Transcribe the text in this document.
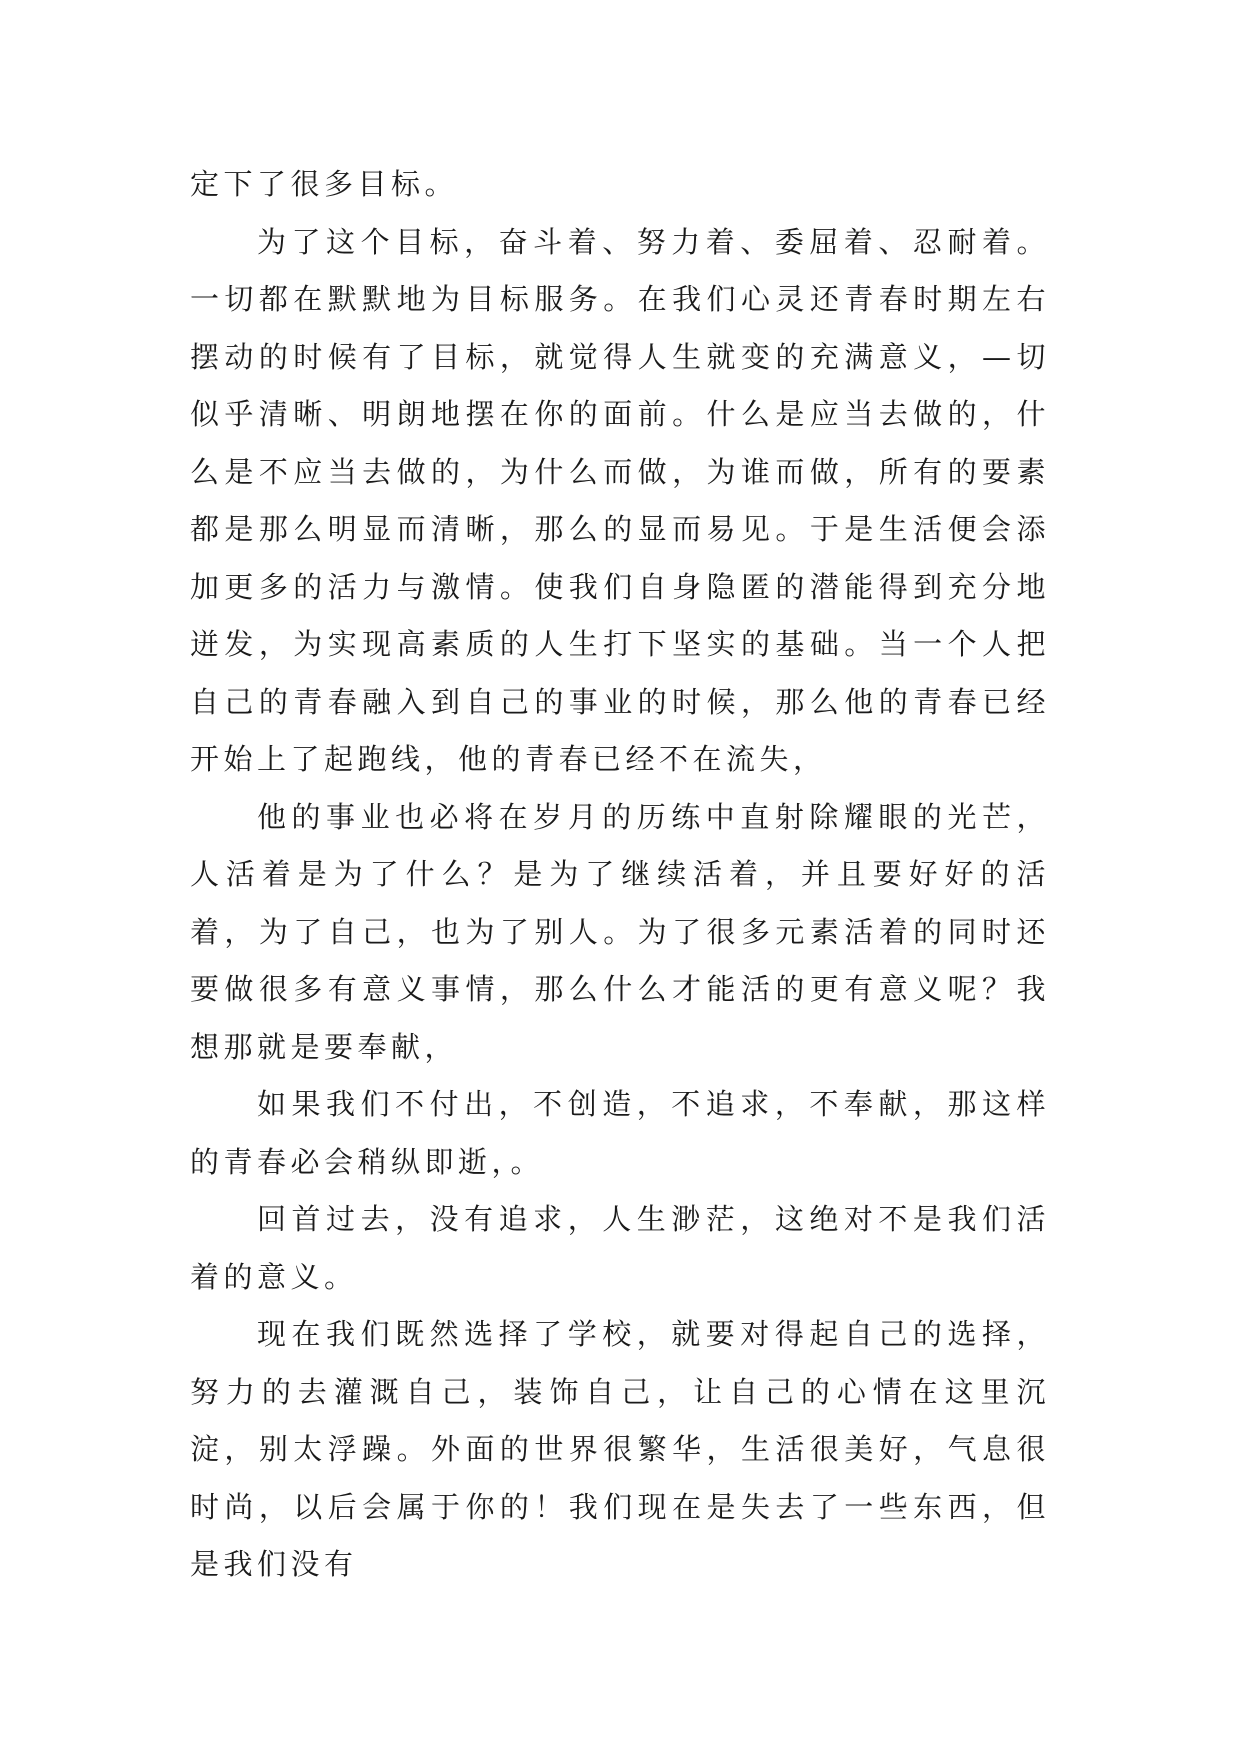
定下了很多目标。

为了这个目标，奋斗着、努力着、委屈着、忍耐着。一切都在默默地为目标服务。在我们心灵还青春时期左右摆动的时候有了目标，就觉得人生就变的充满意义，—切似乎清晰、明朗地摆在你的面前。什么是应当去做的，什么是不应当去做的，为什么而做，为谁而做，所有的要素都是那么明显而清晰，那么的显而易见。于是生活便会添加更多的活力与激情。使我们自身隐匿的潜能得到充分地迸发，为实现高素质的人生打下坚实的基础。当一个人把自己的青春融入到自己的事业的时候，那么他的青春已经开始上了起跑线，他的青春已经不在流失，

他的事业也必将在岁月的历练中直射除耀眼的光芒，人活着是为了什么？是为了继续活着，并且要好好的活着，为了自己，也为了别人。为了很多元素活着的同时还要做很多有意义事情，那么什么才能活的更有意义呢？我想那就是要奉献，

如果我们不付出，不创造，不追求，不奉献，那这样的青春必会稍纵即逝，。

回首过去，没有追求，人生渺茫，这绝对不是我们活着的意义。

现在我们既然选择了学校，就要对得起自己的选择，努力的去灌溉自己，装饰自己，让自己的心情在这里沉淀，别太浮躁。外面的世界很繁华，生活很美好，气息很时尚，以后会属于你的！我们现在是失去了一些东西，但是我们没有
